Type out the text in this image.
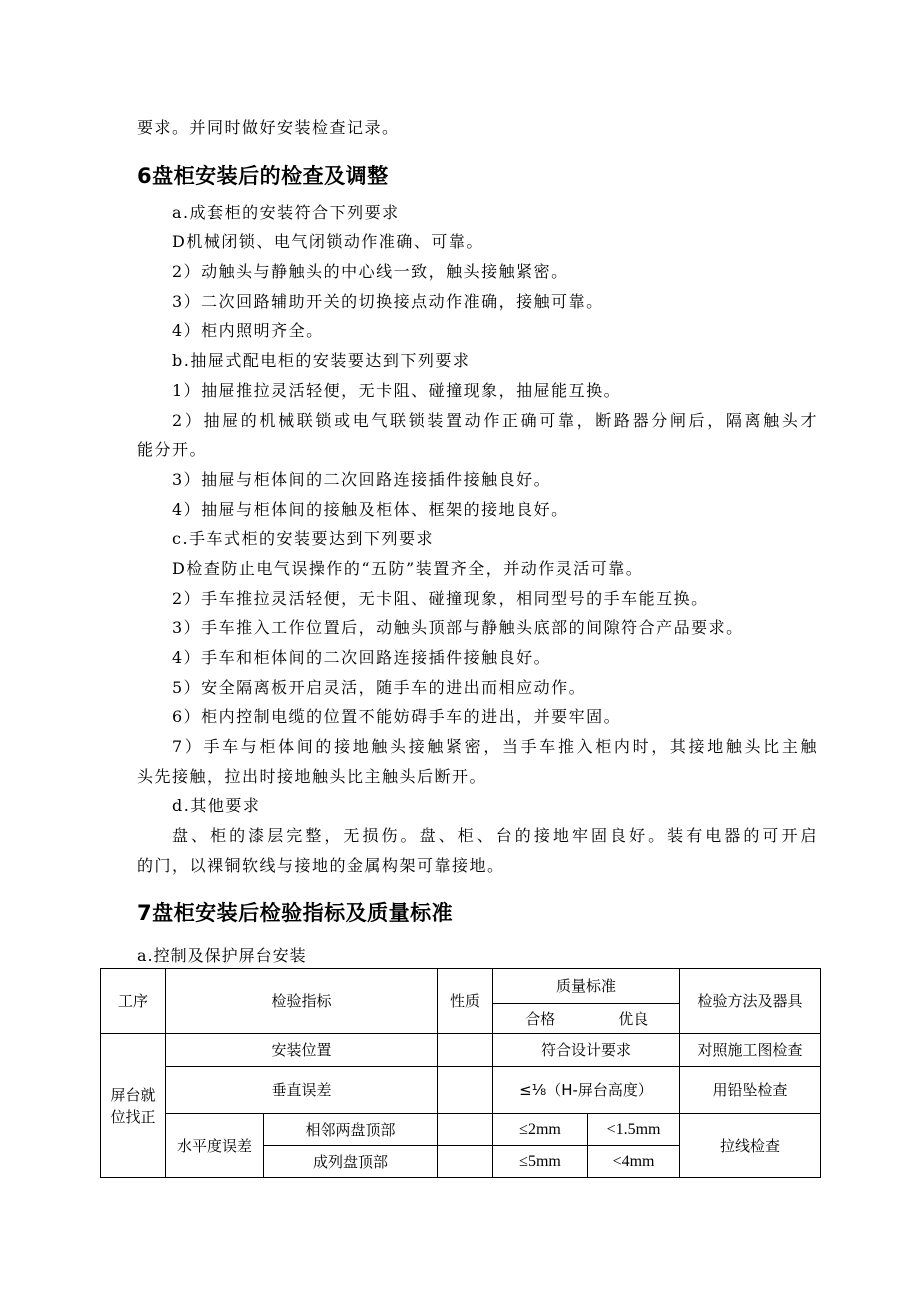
要求。并同时做好安装检查记录。
6盘柜安装后的检查及调整
a.成套柜的安装符合下列要求
D机械闭锁、电气闭锁动作准确、可靠。
2）动触头与静触头的中心线一致，触头接触紧密。
3）二次回路辅助开关的切换接点动作准确，接触可靠。
4）柜内照明齐全。
b.抽屉式配电柜的安装要达到下列要求
1）抽屉推拉灵活轻便，无卡阻、碰撞现象，抽屉能互换。
2）抽屉的机械联锁或电气联锁装置动作正确可靠，断路器分闸后，隔离触头才
能分开。
3）抽屉与柜体间的二次回路连接插件接触良好。
4）抽屉与柜体间的接触及柜体、框架的接地良好。
c.手车式柜的安装要达到下列要求
D检查防止电气误操作的“五防”装置齐全，并动作灵活可靠。
2）手车推拉灵活轻便，无卡阻、碰撞现象，相同型号的手车能互换。
3）手车推入工作位置后，动触头顶部与静触头底部的间隙符合产品要求。
4）手车和柜体间的二次回路连接插件接触良好。
5）安全隔离板开启灵活，随手车的进出而相应动作。
6）柜内控制电缆的位置不能妨碍手车的进出，并要牢固。
7）手车与柜体间的接地触头接触紧密，当手车推入柜内时，其接地触头比主触
头先接触，拉出时接地触头比主触头后断开。
d.其他要求
盘、柜的漆层完整，无损伤。盘、柜、台的接地牢固良好。装有电器的可开启
的门，以裸铜软线与接地的金属构架可靠接地。
7盘柜安装后检验指标及质量标准
a.控制及保护屏台安装
工序	检验指标		性质	质量标准		检验方法及器具
				合格	优良	
屏台就位找正	安装位置			符合设计要求		对照施工图检查
	垂直误差			≤⅛（H-屏台高度）		用铅坠检查
	水平度误差	相邻两盘顶部		≤2mm	<1.5mm	拉线检查
		成列盘顶部		≤5mm	<4mm	
